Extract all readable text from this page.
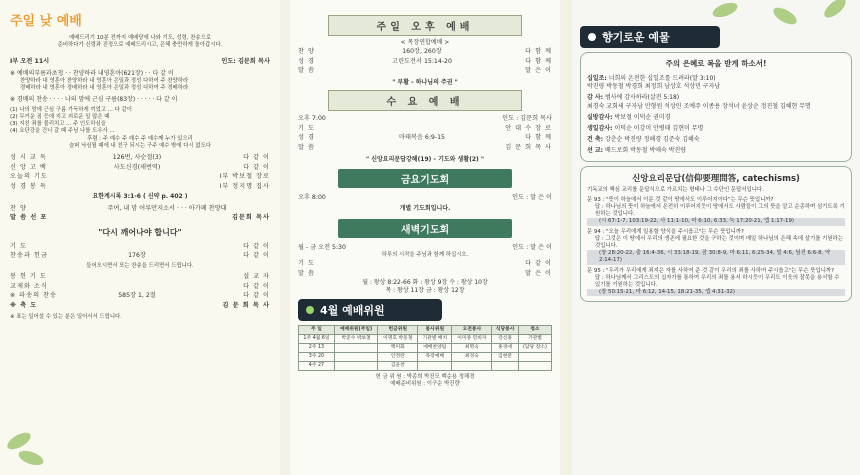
주일 낮 예배
예배드리기 10분 전까지 예배당에 나와 기도, 성령, 찬송으로
준비하다가 신령과 진정으로 예배드리시고, 은혜 충만하게 돌아갑시다.
Ⅰ부 오전 11시	인도: 김문희 목사
※ 예배의부름과초청 · · 찬양하라 내영혼아(621장) · · 다 같 이
찬양하라 내 영혼아 찬양하라 내 영혼아 은밀과 정성 다하여 주 찬양하라
경배하라 내 영혼아 경배하라 내 영혼아 은밀과 정성 다하여 주 경배하라
※ 경배의 찬송 · · · · 나의 맘에 근심 구름(83장) · · · · · 다 같 이
(1) 나의 맘에 근심 구름 가득하게 끼었고 ... 다 같이
(2) 무거운 짐 등에 지고 괴로운 일 많은 때
(3) 지친 죄를 물리치고 ... 주 인도하심을
(4) 요단강을 건너 갈 때 주님 나를 도우사 ...
후렴 : 주 예수 주 예수 주 예수께 누가 있으리
슬퍼 낙심될 때에 내 친구 되시는 구주 예수 밖에 다시 없도다
성 시 교 독	126번, 사순절(3)	다 같 이
신 앙 고 백	사도신경(새번역)	다 같 이
오늘의 기도	Ⅰ부 박보철 장로
성 경 봉 독	Ⅰ부 정지명 집사
요한계시록 3:1-6 ( 신약 p. 402 )
찬 양	주여, 내 맘 어루만지소서 · · · 아가페 찬양대
말 씀 선 포	김문희 목사
"다시 깨어나야 합니다"
기 도	다 같 이
찬송과 헌금	176장	다 같 이
들어오시면서 또는 찬송을 드리면서 드립니다.
봉 헌 기 도	설 교 자
교제와 소식	다 같 이
※ 파송의 찬송	585장 1, 2절	다 같 이
※ 축 도	김 문 희 목 사
※ 표는 일어설 수 있는 분은 일어서서 드립니다.
주일 오후 예배
< 목장연합예배 >
찬 양	160장, 260장	다 함 께
성 경	고린도전서 15:14-20	다 함 께
말 씀	말 은 이
" 부활 - 하나님의 주권 "
수 요 예 배
오후 7:00	인도 : 김문희 목사
기 도	안 대 수 장 로
성 경	마태복음 6:9-15	다 함 께
말 씀	김 문 희 목 사
" 신앙요리문답강해(19) - 기도와 생활(2) "
금요기도회
오후 8:00	인도 : 말 은 이
개별 기도회입니다.
새벽기도회
월 - 금 오전 5:30	인도 : 말 은 이
하루의 시작을 주님과 함께 하십시오.
기 도	다 같 이
말 씀	말 은 이
월 : 왕상 8:22-66 화 : 왕상 9장 수 : 왕상 10장
목 : 왕상 11장 금 : 왕상 12장
4월 예배위원
주 일	예배위원(주일)	헌금위원	봉사위원	오전봉사	식당봉사	청소
1주 4월 6일	박준수 박보철	이명호 박동철	기관별 배치	이미종 민희자	강신홍	기관별
2주 13		백미화	예배찬양팀	최명숙	홍경애	(담당 장소)
3주 20		안정란	목장예배	최경숙	김현분	
4주 27		김윤찬				
헌 금 위 원 : 박종희 박진모 백순용 정해경
예배준비위원 : 이구순 박진량
향기로운 예물
주의 은혜로 복을 받게 하소서!
십일조: 너희의 온전한 십일조를 드려라(말 3:10)
박진량 박동철 박경희 최정희 남상호 석상민 구자남
감 사: 범사에 감사하라(살전 5:18)
최경숙 교회세 구자남 안형원 석상민 조예주 이종용 장석녀 윤상순 정진철 김혜현 무명
실방감사: 박보철 이덕순 권미경
생일감사: 이덕순 이강미 안병태 김현미 무명
건 축: 강춘순 박진량 정해경 김준숙 김혜숙
선 교: 베드로회 박동철 박애숙 박진량
신앙요리문답(信仰要理問答, catechisms)
기독교의 핵심 교리를 문답식으로 가르치는 형태나 그 수단인 문답서입니다.
문 93 : "뜻이 하늘에서 이룬 것 같이 땅에서도 이루어지이다"는 무슨 뜻입니까?
답 : 하나님의 뜻이 하늘에서 온전히 이루어지듯이 땅에서도 사람들이 그의 뜻을 알고 순종하며 섬기도록 기원하는 것입니다.
(시 67:1-7, 103:19-22, 사 11:1-10, 마 6:10, 6:33, 눅 17:20-21, 엡 1:17-19)
문 94 : "오늘 우리에게 일용할 양식을 주시옵고"는 무슨 뜻입니까?
답 : 그것은 이 땅에서 우리의 생존에 필요한 것을 구하는 것이며 매일 하나님의 은혜 속에 살기를 기원하는 것입니다.
(창 28:20-22, 출 16:4-36, 시 33:18-19, 잠 30:8-9, 마 6:11, 6:25-34, 빌 4:6, 딤전 6:6-8, 약 2:14-17)
문 95 : "우리가 우리에게 죄지은 자를 사하여 준 것 같이 우리의 죄를 사하여 주시옵고"는 무슨 뜻입니까?
답 : 하나님께서 그리스도의 십자가를 통하여 우리의 죄를 용서 하시듯이 우리도 이웃의 잘못을 용서할 수 있기를 기원하는 것입니다.
(창 50:15-21, 마 6:12, 14-15, 18:21-35, 엡 4:31-32)
